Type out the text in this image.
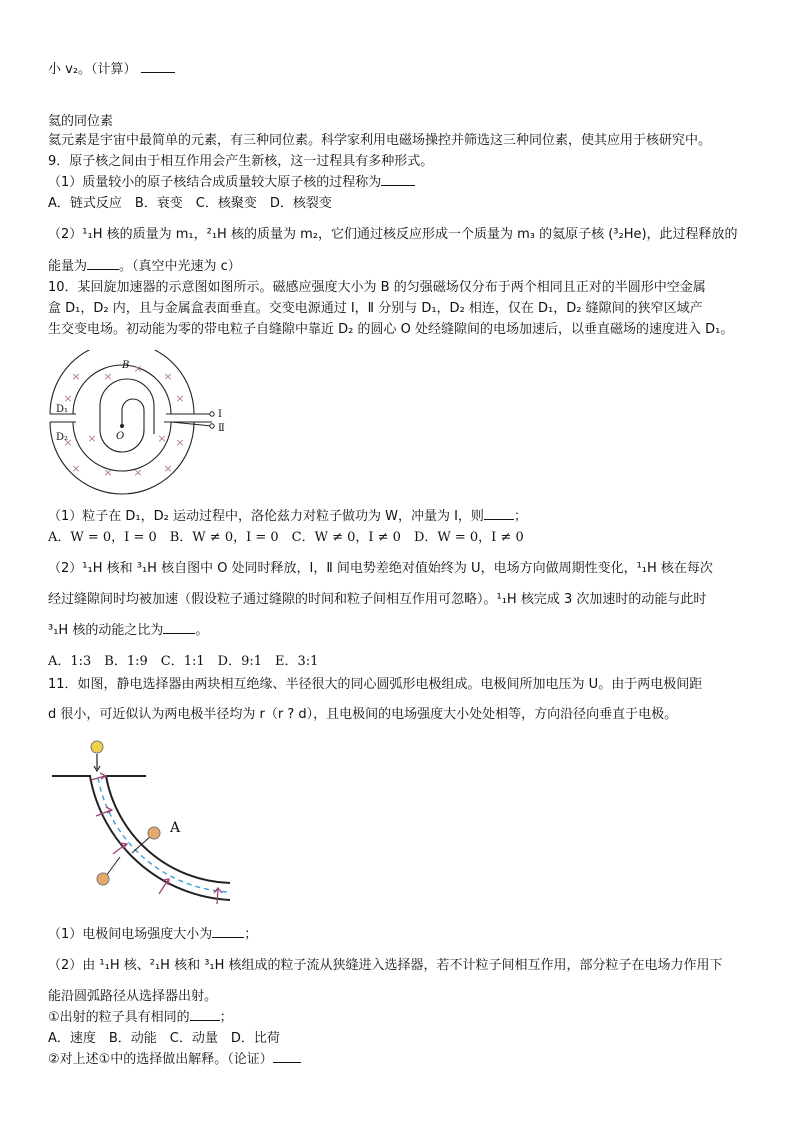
小 v₂。（计算）
氦的同位素
氦元素是宇宙中最简单的元素，有三种同位素。科学家利用电磁场操控并筛选这三种同位素，使其应用于核研究中。
9．原子核之间由于相互作用会产生新核，这一过程具有多种形式。
（1）质量较小的原子核结合成质量较大原子核的过程称为
A．链式反应　B．衰变　C．核聚变　D．核裂变
（2）¹₁H 核的质量为 m₁，²₁H 核的质量为 m₂，它们通过核反应形成一个质量为 m₃ 的氦原子核 (³₂He)，此过程释放的
能量为 。（真空中光速为 c）
10．某回旋加速器的示意图如图所示。磁感应强度大小为 B 的匀强磁场仅分布于两个相同且正对的半圆形中空金属
盒 D₁，D₂ 内，且与金属盒表面垂直。交变电源通过 Ⅰ，Ⅱ 分别与 D₁，D₂ 相连，仅在 D₁，D₂ 缝隙间的狭窄区域产
生交变电场。初动能为零的带电粒子自缝隙中靠近 D₂ 的圆心 O 处经缝隙间的电场加速后，以垂直磁场的速度进入 D₁。
× ×
×
×
×	×
×	×
× × × ×
×	×
B
D₁
D₂	O
I
Ⅱ
（1）粒子在 D₁，D₂ 运动过程中，洛伦兹力对粒子做功为 W，冲量为 I，则 ；
A．W = 0，I = 0　B．W ≠ 0，I = 0　C．W ≠ 0，I ≠ 0　D．W = 0，I ≠ 0
（2）¹₁H 核和 ³₁H 核自图中 O 处同时释放，Ⅰ，Ⅱ 间电势差绝对值始终为 U，电场方向做周期性变化，¹₁H 核在每次
经过缝隙间时均被加速（假设粒子通过缝隙的时间和粒子间相互作用可忽略）。¹₁H 核完成 3 次加速时的动能与此时
³₁H 核的动能之比为 。
A．1:3　B．1:9　C．1:1　D．9:1　E．3:1
11．如图，静电选择器由两块相互绝缘、半径很大的同心圆弧形电极组成。电极间所加电压为 U。由于两电极间距
d 很小，可近似认为两电极半径均为 r（r ? d），且电极间的电场强度大小处处相等，方向沿径向垂直于电极。
A
（1）电极间电场强度大小为 ；
（2）由 ¹₁H 核、²₁H 核和 ³₁H 核组成的粒子流从狭缝进入选择器，若不计粒子间相互作用，部分粒子在电场力作用下
能沿圆弧路径从选择器出射。
①出射的粒子具有相同的 ；
A．速度　B．动能　C．动量　D．比荷
②对上述①中的选择做出解释。（论证）
